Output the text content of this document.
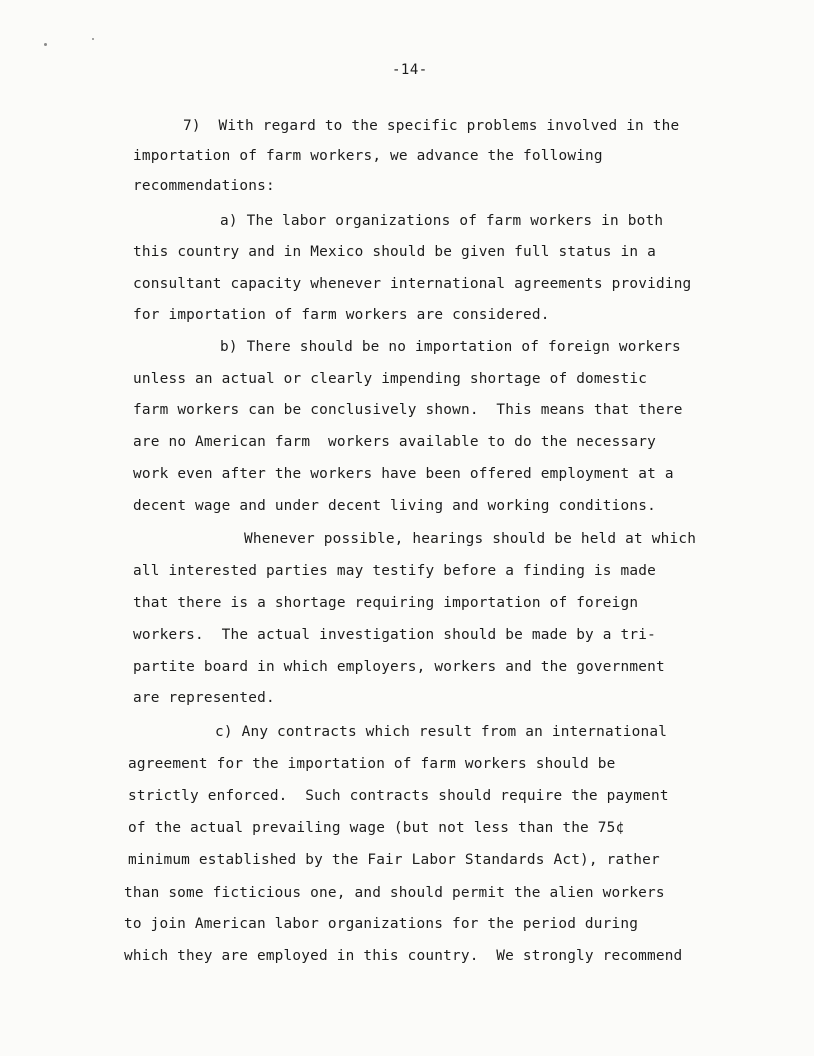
-14-
7)  With regard to the specific problems involved in the
importation of farm workers, we advance the following
recommendations:
a) The labor organizations of farm workers in both
this country and in Mexico should be given full status in a
consultant capacity whenever international agreements providing
for importation of farm workers are considered.
b) There should be no importation of foreign workers
unless an actual or clearly impending shortage of domestic
farm workers can be conclusively shown.  This means that there
are no American farm  workers available to do the necessary
work even after the workers have been offered employment at a
decent wage and under decent living and working conditions.
Whenever possible, hearings should be held at which
all interested parties may testify before a finding is made
that there is a shortage requiring importation of foreign
workers.  The actual investigation should be made by a tri-
partite board in which employers, workers and the government
are represented.
c) Any contracts which result from an international
agreement for the importation of farm workers should be
strictly enforced.  Such contracts should require the payment
of the actual prevailing wage (but not less than the 75¢
minimum established by the Fair Labor Standards Act), rather
than some ficticious one, and should permit the alien workers
to join American labor organizations for the period during
which they are employed in this country.  We strongly recommend
